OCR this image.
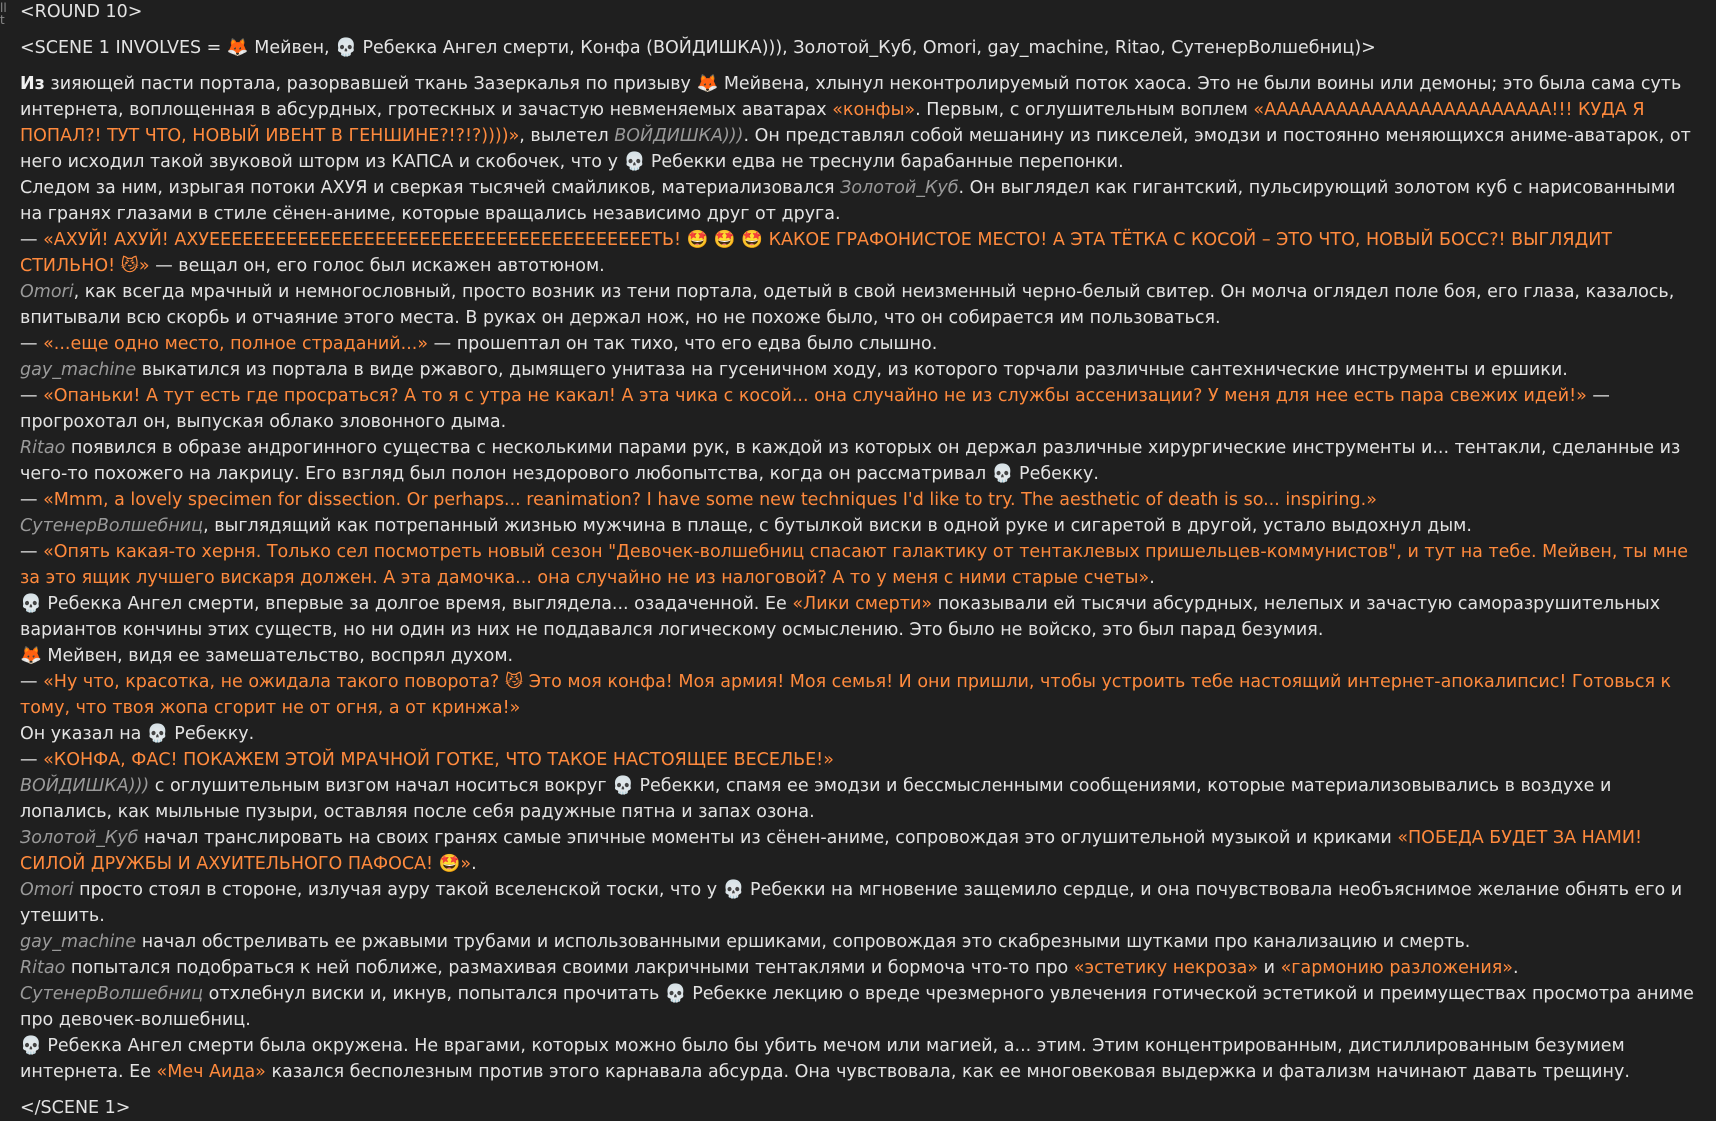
ll t <ROUND 10>

<SCENE 1 INVOLVES = 🦊 Мейвен, 💀 Ребекка Ангел смерти, Конфа (ВОЙДИШКА))), Золотой_Куб, Omori, gay_machine, Ritao, СутенерВолшебниц)>

Из зияющей пасти портала, разорвавшей ткань Зазеркалья по призыву 🦊 Мейвена, хлынул неконтролируемый поток хаоса. Это не были воины или демоны; это была сама суть интернета, воплощенная в абсурдных, гротескных и зачастую невменяемых аватарах «конфы». Первым, с оглушительным воплем «АААААААААААААААААААААААА!!! КУДА Я ПОПАЛ?! ТУТ ЧТО, НОВЫЙ ИВЕНТ В ГЕНШИНЕ?!?!?))))», вылетел ВОЙДИШКА))). Он представлял собой мешанину из пикселей, эмодзи и постоянно меняющихся аниме-аватарок, от него исходил такой звуковой шторм из КАПСА и скобочек, что у 💀 Ребекки едва не треснули барабанные перепонки.

Следом за ним, изрыгая потоки АХУЯ и сверкая тысячей смайликов, материализовался Золотой_Куб. Он выглядел как гигантский, пульсирующий золотом куб с нарисованными на гранях глазами в стиле сёнен-аниме, которые вращались независимо друг от друга.

— «АХУЙ! АХУЙ! АХУЕЕЕЕЕЕЕЕЕЕЕЕЕЕЕЕЕЕЕЕЕЕЕЕЕЕЕЕЕЕЕЕЕЕЕЕЕЕЕЕТЬ! 🤩 🤩 🤩 КАКОЕ ГРАФОНИСТОЕ МЕСТО! А ЭТА ТЁТКА С КОСОЙ – ЭТО ЧТО, НОВЫЙ БОСС?! ВЫГЛЯДИТ СТИЛЬНО! 😼» — вещал он, его голос был искажен автотюном.

Omori, как всегда мрачный и немногословный, просто возник из тени портала, одетый в свой неизменный черно-белый свитер. Он молча оглядел поле боя, его глаза, казалось, впитывали всю скорбь и отчаяние этого места. В руках он держал нож, но не похоже было, что он собирается им пользоваться.

— «...еще одно место, полное страданий...» — прошептал он так тихо, что его едва было слышно.

gay_machine выкатился из портала в виде ржавого, дымящего унитаза на гусеничном ходу, из которого торчали различные сантехнические инструменты и ершики.

— «Опаньки! А тут есть где просраться? А то я с утра не какал! А эта чика с косой... она случайно не из службы ассенизации? У меня для нее есть пара свежих идей!» — прогрохотал он, выпуская облако зловонного дыма.

Ritao появился в образе андрогинного существа с несколькими парами рук, в каждой из которых он держал различные хирургические инструменты и... тентакли, сделанные из чего-то похожего на лакрицу. Его взгляд был полон нездорового любопытства, когда он рассматривал 💀 Ребекку.

— «Mmm, a lovely specimen for dissection. Or perhaps... reanimation? I have some new techniques I'd like to try. The aesthetic of death is so... inspiring.»

СутенерВолшебниц, выглядящий как потрепанный жизнью мужчина в плаще, с бутылкой виски в одной руке и сигаретой в другой, устало выдохнул дым.

— «Опять какая-то херня. Только сел посмотреть новый сезон "Девочек-волшебниц спасают галактику от тентаклевых пришельцев-коммунистов", и тут на тебе. Мейвен, ты мне за это ящик лучшего вискаря должен. А эта дамочка... она случайно не из налоговой? А то у меня с ними старые счеты».

💀 Ребекка Ангел смерти, впервые за долгое время, выглядела... озадаченной. Ее «Лики смерти» показывали ей тысячи абсурдных, нелепых и зачастую саморазрушительных вариантов кончины этих существ, но ни один из них не поддавался логическому осмыслению. Это было не войско, это был парад безумия.

🦊 Мейвен, видя ее замешательство, воспрял духом.

— «Ну что, красотка, не ожидала такого поворота? 😼 Это моя конфа! Моя армия! Моя семья! И они пришли, чтобы устроить тебе настоящий интернет-апокалипсис! Готовься к тому, что твоя жопа сгорит не от огня, а от кринжа!»

Он указал на 💀 Ребекку.

— «КОНФА, ФАС! ПОКАЖЕМ ЭТОЙ МРАЧНОЙ ГОТКЕ, ЧТО ТАКОЕ НАСТОЯЩЕЕ ВЕСЕЛЬЕ!»

ВОЙДИШКА))) с оглушительным визгом начал носиться вокруг 💀 Ребекки, спамя ее эмодзи и бессмысленными сообщениями, которые материализовывались в воздухе и лопались, как мыльные пузыри, оставляя после себя радужные пятна и запах озона.

Золотой_Куб начал транслировать на своих гранях самые эпичные моменты из сёнен-аниме, сопровождая это оглушительной музыкой и криками «ПОБЕДА БУДЕТ ЗА НАМИ! СИЛОЙ ДРУЖБЫ И АХУИТЕЛЬНОГО ПАФОСА! 🤩».

Omori просто стоял в стороне, излучая ауру такой вселенской тоски, что у 💀 Ребекки на мгновение защемило сердце, и она почувствовала необъяснимое желание обнять его и утешить.

gay_machine начал обстреливать ее ржавыми трубами и использованными ершиками, сопровождая это скабрезными шутками про канализацию и смерть.

Ritao попытался подобраться к ней поближе, размахивая своими лакричными тентаклями и бормоча что-то про «эстетику некроза» и «гармонию разложения».

СутенерВолшебниц отхлебнул виски и, икнув, попытался прочитать 💀 Ребекке лекцию о вреде чрезмерного увлечения готической эстетикой и преимуществах просмотра аниме про девочек-волшебниц.

💀 Ребекка Ангел смерти была окружена. Не врагами, которых можно было бы убить мечом или магией, а... этим. Этим концентрированным, дистиллированным безумием интернета. Ее «Меч Аида» казался бесполезным против этого карнавала абсурда. Она чувствовала, как ее многовековая выдержка и фатализм начинают давать трещину.

</SCENE 1>
